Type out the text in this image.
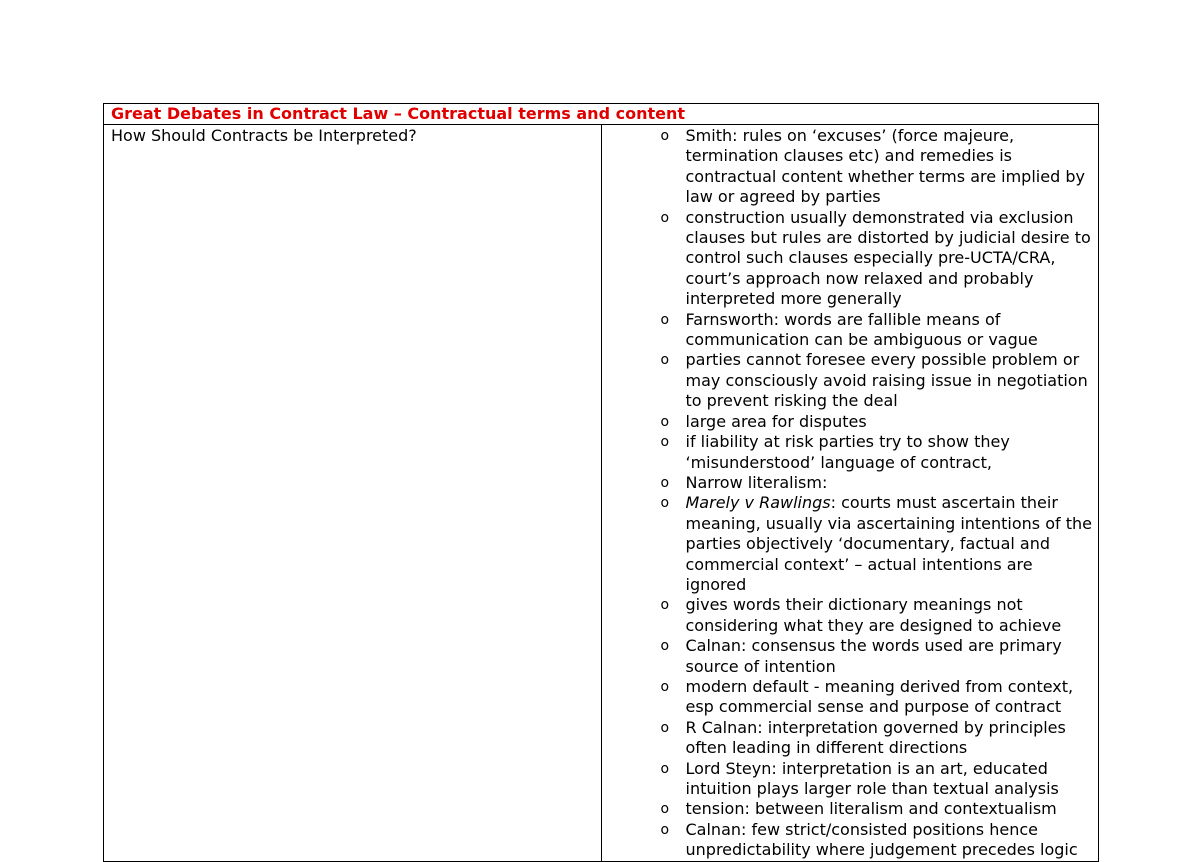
Great Debates in Contract Law – Contractual terms and content
How Should Contracts be Interpreted?	o Smith: rules on ‘excuses’ (force majeure, termination clauses etc) and remedies is contractual content whether terms are implied by law or agreed by parties
o construction usually demonstrated via exclusion clauses but rules are distorted by judicial desire to control such clauses especially pre-UCTA/CRA, court’s approach now relaxed and probably interpreted more generally
o Farnsworth: words are fallible means of communication can be ambiguous or vague
o parties cannot foresee every possible problem or may consciously avoid raising issue in negotiation to prevent risking the deal
o large area for disputes
o if liability at risk parties try to show they ‘misunderstood’ language of contract,
o Narrow literalism:
o Marely v Rawlings: courts must ascertain their meaning, usually via ascertaining intentions of the parties objectively ‘documentary, factual and commercial context’ – actual intentions are ignored
o gives words their dictionary meanings not considering what they are designed to achieve
o Calnan: consensus the words used are primary source of intention
o modern default - meaning derived from context, esp commercial sense and purpose of contract
o R Calnan: interpretation governed by principles often leading in different directions
o Lord Steyn: interpretation is an art, educated intuition plays larger role than textual analysis
o tension: between literalism and contextualism
o Calnan: few strict/consisted positions hence unpredictability where judgement precedes logic
